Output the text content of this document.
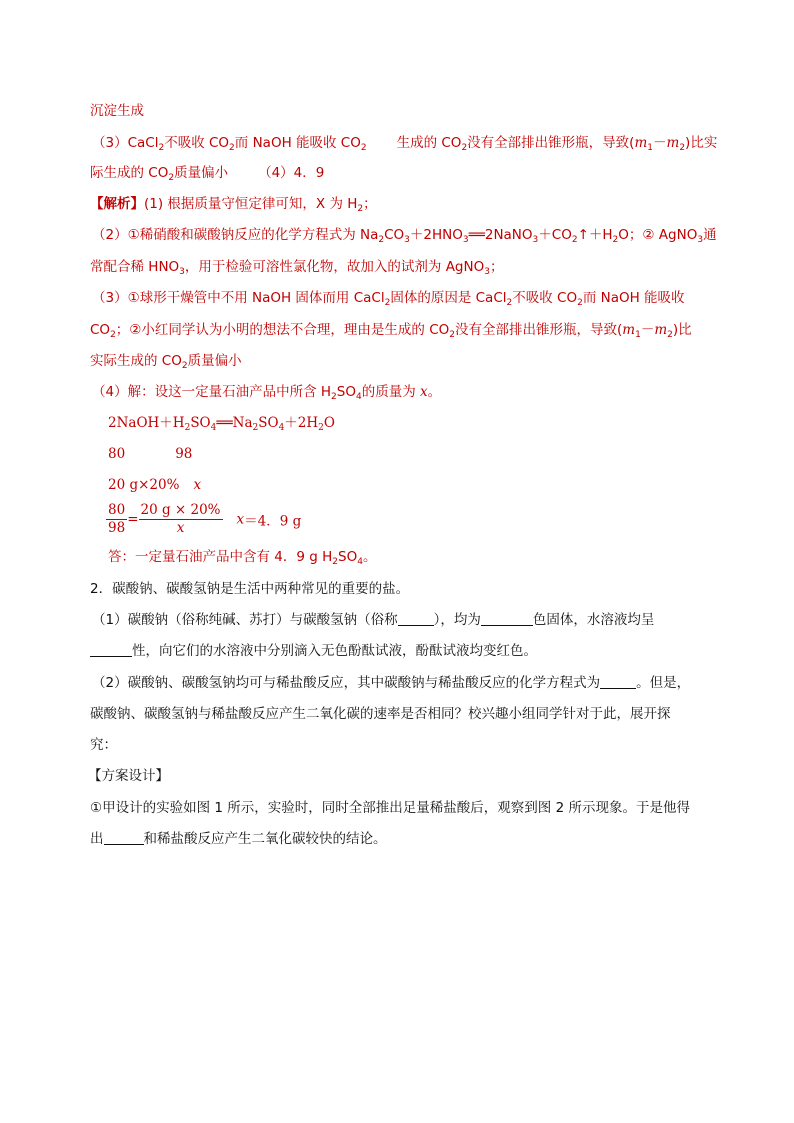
沉淀生成
（3）CaCl$_2$不吸收 $CO_2$而 NaOH 能吸收 $CO_2$ 生成的 $CO_2$没有全部排出锥形瓶，导致$(m_1-m_2)$比实
际生成的 $CO_2$质量偏小 （4）4．9
【解析】(1) 根据质量守恒定律可知，X 为 $H_2$；
（2）①稀硝酸和碳酸钠反应的化学方程式为 $Na_2CO_3+2HNO_3══2NaNO_3+CO_2↑+H_2O$；② AgNO$_3$通
常配合稀 $HNO_3$，用于检验可溶性氯化物，故加入的试剂为 AgNO$_3$；
（3）①球形干燥管中不用 NaOH 固体而用 CaCl$_2$固体的原因是 CaCl$_2$不吸收 $CO_2$而 NaOH 能吸收
$CO_2$；②小红同学认为小明的想法不合理，理由是生成的 $CO_2$没有全部排出锥形瓶，导致$(m_1-m_2)$比
实际生成的 $CO_2$质量偏小
（4）解：设这一定量石油产品中所含 $H_2SO_4$的质量为 x。
$2NaOH+H_2SO_4══Na_2SO_4+2H_2O$
80	98
20 g×20% x
$\frac{80}{98} = \frac{20 g \times 20\%}{x} x=4$．9 g
答：一定量石油产品中含有 4．9 g $H_2SO_4$。
2．碳酸钠、碳酸氢钠是生活中两种常见的重要的盐。
（1）碳酸钠（俗称纯碱、苏打）与碳酸氢钠（俗称	），均为	色固体，水溶液均呈
性，向它们的水溶液中分别滴入无色酚酞试液，酚酞试液均变红色。
（2）碳酸钠、碳酸氢钠均可与稀盐酸反应，其中碳酸钠与稀盐酸反应的化学方程式为	。但是，
碳酸钠、碳酸氢钠与稀盐酸反应产生二氧化碳的速率是否相同？校兴趣小组同学针对于此，展开探
究：
【方案设计】
①甲设计的实验如图 1 所示，实验时，同时全部推出足量稀盐酸后，观察到图 2 所示现象。于是他得
出	和稀盐酸反应产生二氧化碳较快的结论。
